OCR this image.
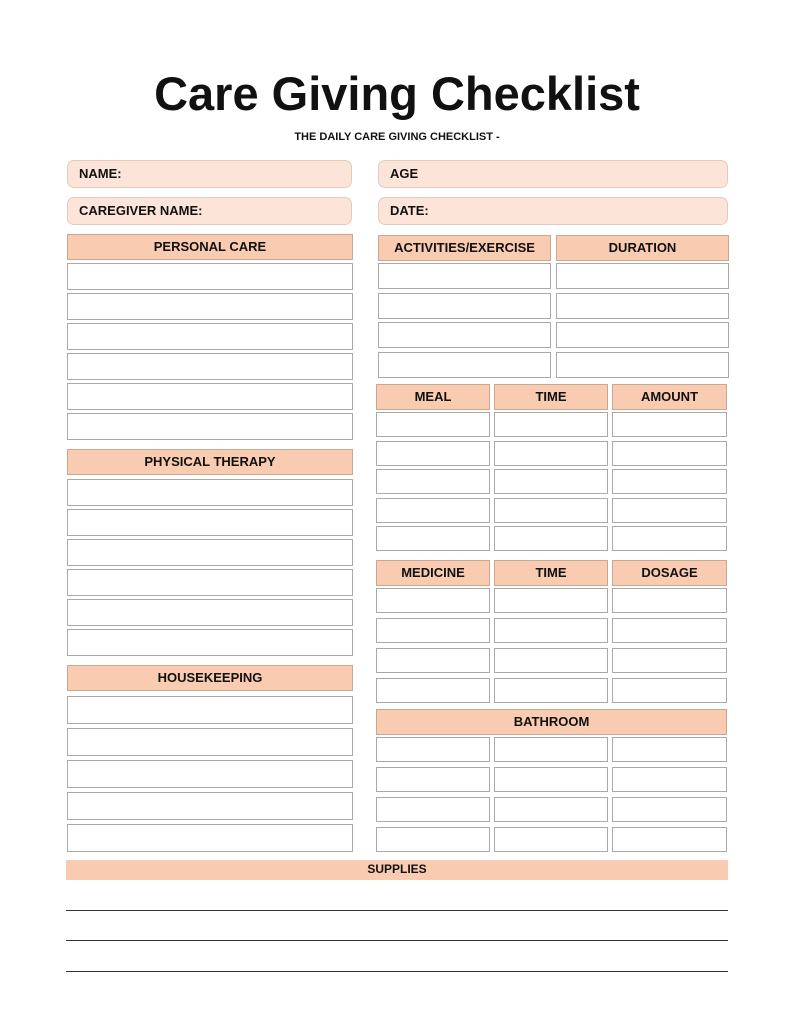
Care Giving Checklist
THE DAILY CARE GIVING CHECKLIST -
NAME:	AGE
CAREGIVER NAME:	DATE:
PERSONAL CARE
PHYSICAL THERAPY
HOUSEKEEPING
ACTIVITIES/EXERCISE	DURATION
MEAL	TIME	AMOUNT
MEDICINE	TIME	DOSAGE
BATHROOM
SUPPLIES
